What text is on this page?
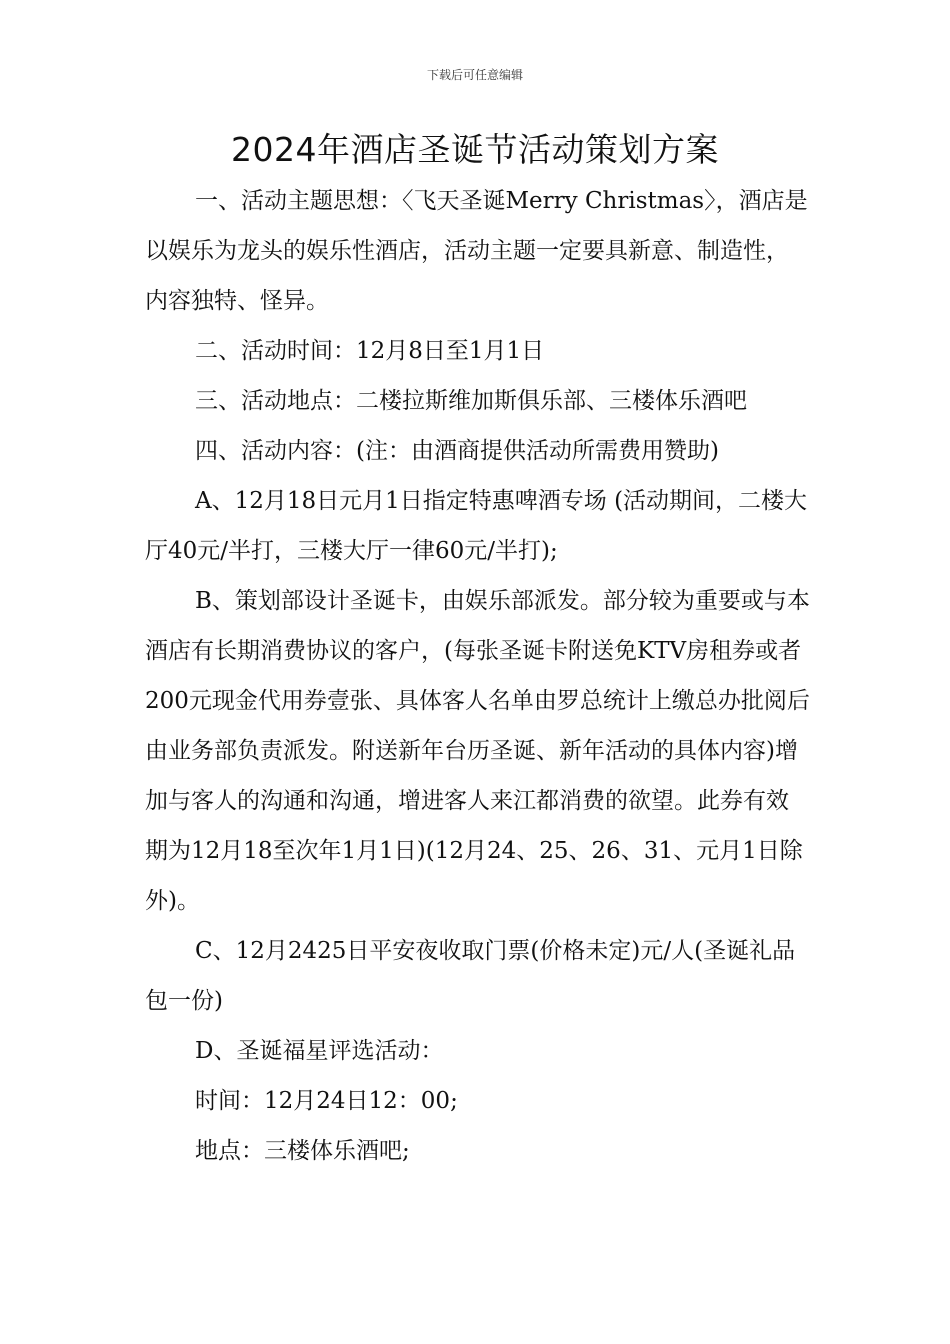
下载后可任意编辑
2024年酒店圣诞节活动策划方案

一、活动主题思想：〈飞天圣诞Merry Christmas〉，酒店是以娱乐为龙头的娱乐性酒店，活动主题一定要具新意、制造性，内容独特、怪异。

二、活动时间：12月8日至1月1日

三、活动地点：二楼拉斯维加斯俱乐部、三楼体乐酒吧

四、活动内容：(注：由酒商提供活动所需费用赞助)

A、12月18日元月1日指定特惠啤酒专场 (活动期间，二楼大厅40元/半打，三楼大厅一律60元/半打);

B、策划部设计圣诞卡，由娱乐部派发。部分较为重要或与本酒店有长期消费协议的客户，(每张圣诞卡附送免KTV房租券或者200元现金代用券壹张、具体客人名单由罗总统计上缴总办批阅后由业务部负责派发。附送新年台历圣诞、新年活动的具体内容)增加与客人的沟通和沟通，增进客人来江都消费的欲望。此券有效期为12月18至次年1月1日)(12月24、25、26、31、元月1日除外)。

C、12月2425日平安夜收取门票(价格未定)元/人(圣诞礼品包一份)

D、圣诞福星评选活动：

时间：12月24日12：00;

地点：三楼体乐酒吧;
